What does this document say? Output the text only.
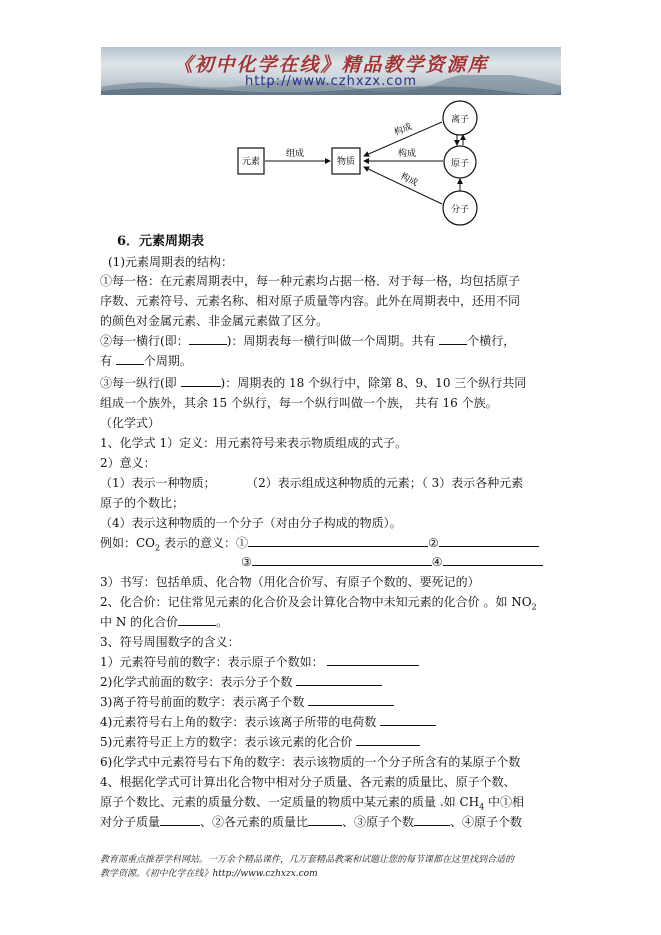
《初中化学在线》精品教学资源库
http://www.czhxzx.com
元素
组成
物质
离子
原子
分子
构成
构成
构成
6．元素周期表
(1)元素周期表的结构：
①每一格：在元素周期表中，每一种元素均占据一格．对于每一格，均包括原子
序数、元素符号、元素名称、相对原子质量等内容。此外在周期表中，还用不同
的颜色对金属元素、非金属元素做了区分。
②每一横行(即：	)：周期表每一横行叫做一个周期。共有	个横行，
有	个周期。
③每一纵行(即	)：周期表的 18 个纵行中，除第 8、9、10 三个纵行共同
组成一个族外，其余 15 个纵行，每一个纵行叫做一个族， 共有 16 个族。
（化学式）
1、化学式 1）定义：用元素符号来表示物质组成的式子。
2）意义：
（1）表示一种物质；        （2）表示组成这种物质的元素；（ 3）表示各种元素
原子的个数比；
（4）表示这种物质的一个分子（对由分子构成的物质）。
例如：$CO_2$ 表示的意义：①	②
③	④
3）书写：包括单质、化合物（用化合价写、有原子个数的、要死记的）
2、化合价：记住常见元素的化合价及会计算化合物中未知元素的化合价 。如 $NO_2$
中 N 的化合价	。
3、符号周围数字的含义：
1）元素符号前的数字：表示原子个数如：
2)化学式前面的数字：表示分子个数
3)离子符号前面的数字：表示离子个数
4)元素符号右上角的数字：表示该离子所带的电荷数
5)元素符号正上方的数字：表示该元素的化合价
6)化学式中元素符号右下角的数字：表示该物质的一个分子所含有的某原子个数
4、根据化学式可计算出化合物中相对分子质量、各元素的质量比、原子个数、
原子个数比、元素的质量分数、一定质量的物质中某元素的质量 .如 $CH_4$ 中①相
对分子质量	、②各元素的质量比	、③原子个数	、④原子个数
教育部重点推荐学科网站。一万余个精品课件，几万套精品教案和试题让您的每节课都在这里找到合适的
教学资源。《初中化学在线》http://www.czhxzx.com
